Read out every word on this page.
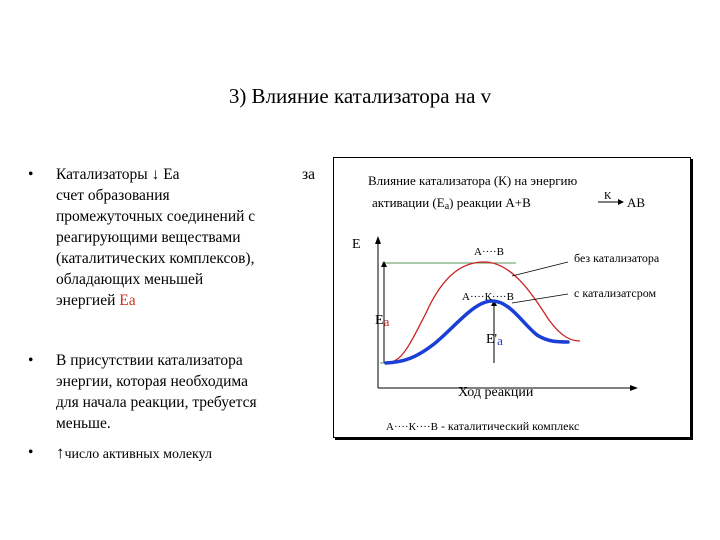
3) Влияние катализатора на v
•	Катализаторы ↓ Ea	за
счет образования
промежуточных соединений с
реагирующими веществами
(каталитических комплексов),
обладающих меньшей
энергией Ea
•	В присутствии катализатора
энергии, которая необходима
для начала реакции, требуется
меньше.
•	↑число активных молекул
Влияние катализатора (К) на энергию
активации (Еa) реакции А+В	К АВ
Е
Ход реакции
Еa
Е'a
А····В
А····К····В
без катализатора
с катализатсром
А····К····В - каталитический комплекс
